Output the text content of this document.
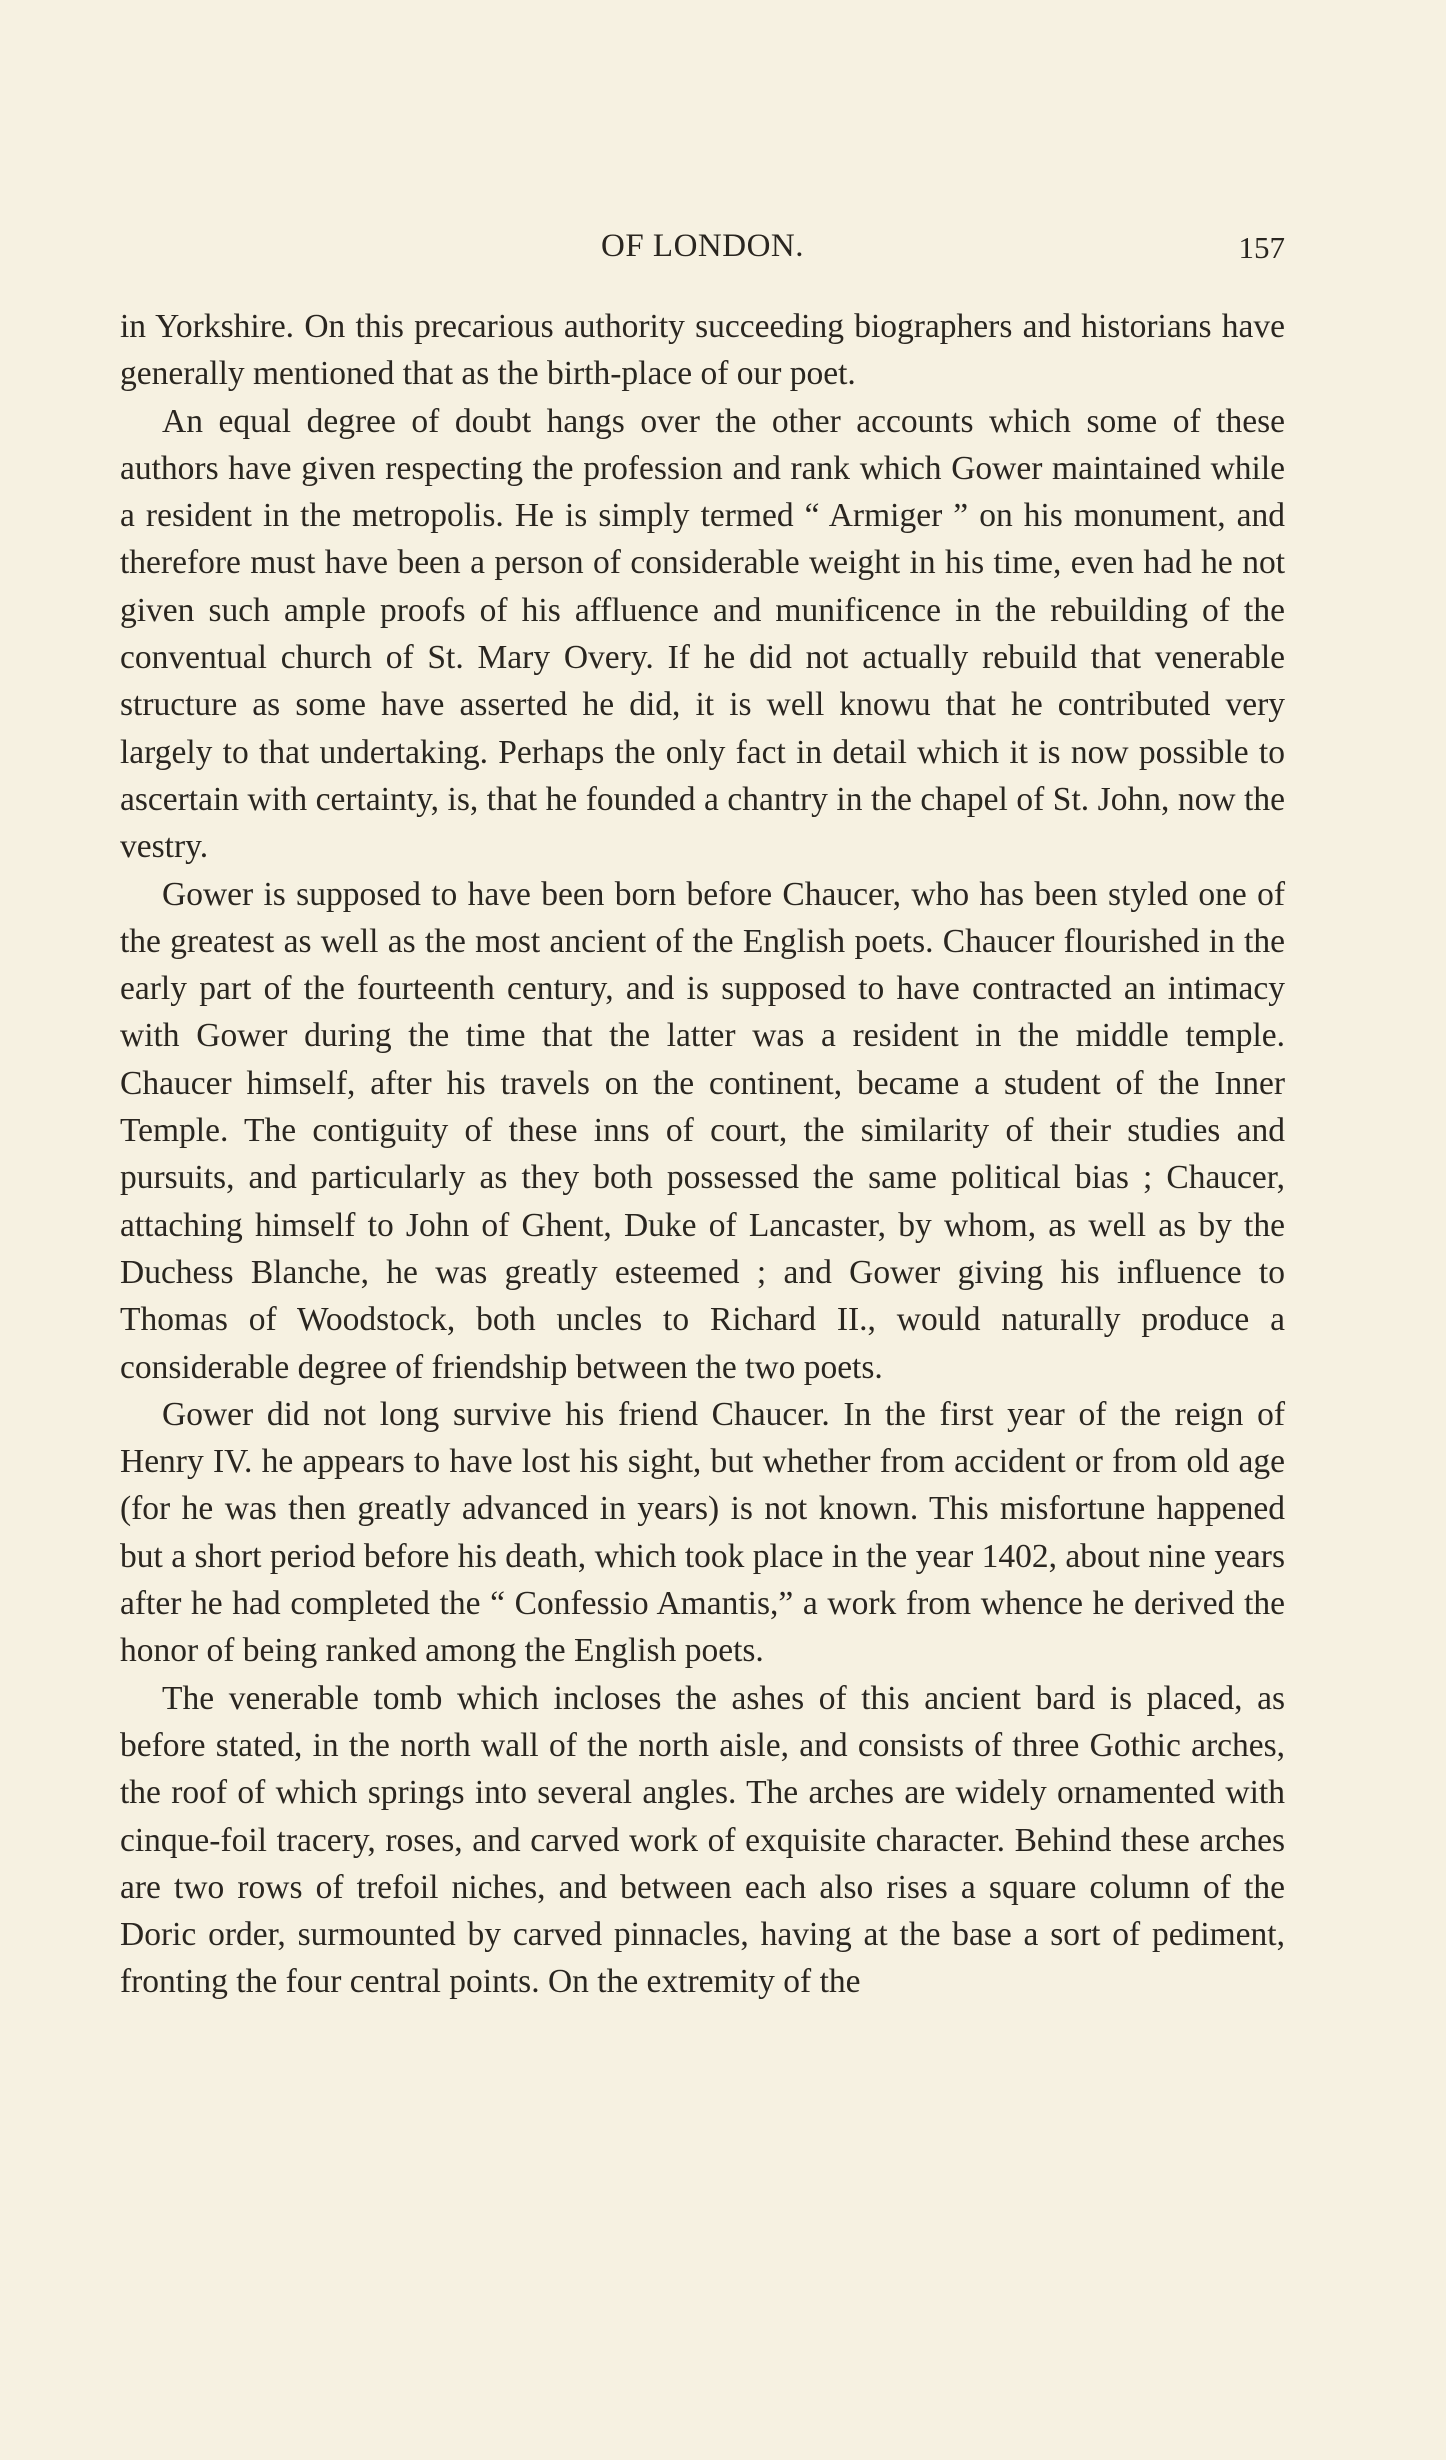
OF LONDON.	157

in Yorkshire. On this precarious authority succeeding biographers and historians have generally mentioned that as the birth-place of our poet.

An equal degree of doubt hangs over the other accounts which some of these authors have given respecting the profession and rank which Gower maintained while a resident in the metropolis. He is simply termed “ Armiger ” on his monument, and therefore must have been a person of considerable weight in his time, even had he not given such ample proofs of his affluence and munificence in the rebuilding of the conventual church of St. Mary Overy. If he did not actually rebuild that venerable structure as some have asserted he did, it is well knowu that he contributed very largely to that undertaking. Perhaps the only fact in detail which it is now possible to ascertain with certainty, is, that he founded a chantry in the chapel of St. John, now the vestry.

Gower is supposed to have been born before Chaucer, who has been styled one of the greatest as well as the most ancient of the English poets. Chaucer flourished in the early part of the fourteenth century, and is supposed to have contracted an intimacy with Gower during the time that the latter was a resident in the middle temple. Chaucer himself, after his travels on the continent, became a student of the Inner Temple. The contiguity of these inns of court, the similarity of their studies and pursuits, and particularly as they both possessed the same political bias ; Chaucer, attaching himself to John of Ghent, Duke of Lancaster, by whom, as well as by the Duchess Blanche, he was greatly esteemed ; and Gower giving his influence to Thomas of Woodstock, both uncles to Richard II., would naturally produce a considerable degree of friendship between the two poets.

Gower did not long survive his friend Chaucer. In the first year of the reign of Henry IV. he appears to have lost his sight, but whether from accident or from old age (for he was then greatly advanced in years) is not known. This misfortune happened but a short period before his death, which took place in the year 1402, about nine years after he had completed the “ Confessio Amantis,” a work from whence he derived the honor of being ranked among the English poets.

The venerable tomb which incloses the ashes of this ancient bard is placed, as before stated, in the north wall of the north aisle, and consists of three Gothic arches, the roof of which springs into several angles. The arches are widely ornamented with cinque-foil tracery, roses, and carved work of exquisite character. Behind these arches are two rows of trefoil niches, and between each also rises a square column of the Doric order, surmounted by carved pinnacles, having at the base a sort of pediment, fronting the four central points. On the extremity of the
